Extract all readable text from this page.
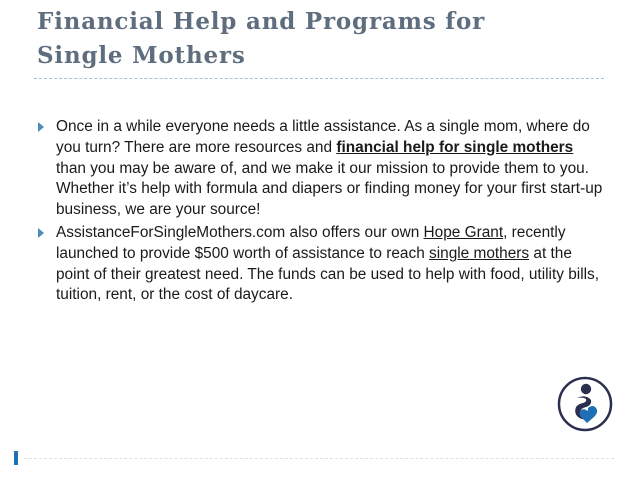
Financial Help and Programs for
Single Mothers
Once in a while everyone needs a little assistance. As a single mom, where do you turn? There are more resources and financial help for single mothers than you may be aware of, and we make it our mission to provide them to you. Whether it’s help with formula and diapers or finding money for your first start-up business, we are your source!
AssistanceForSingleMothers.com also offers our own Hope Grant, recently launched to provide $500 worth of assistance to reach single mothers at the point of their greatest need. The funds can be used to help with food, utility bills, tuition, rent, or the cost of daycare.
